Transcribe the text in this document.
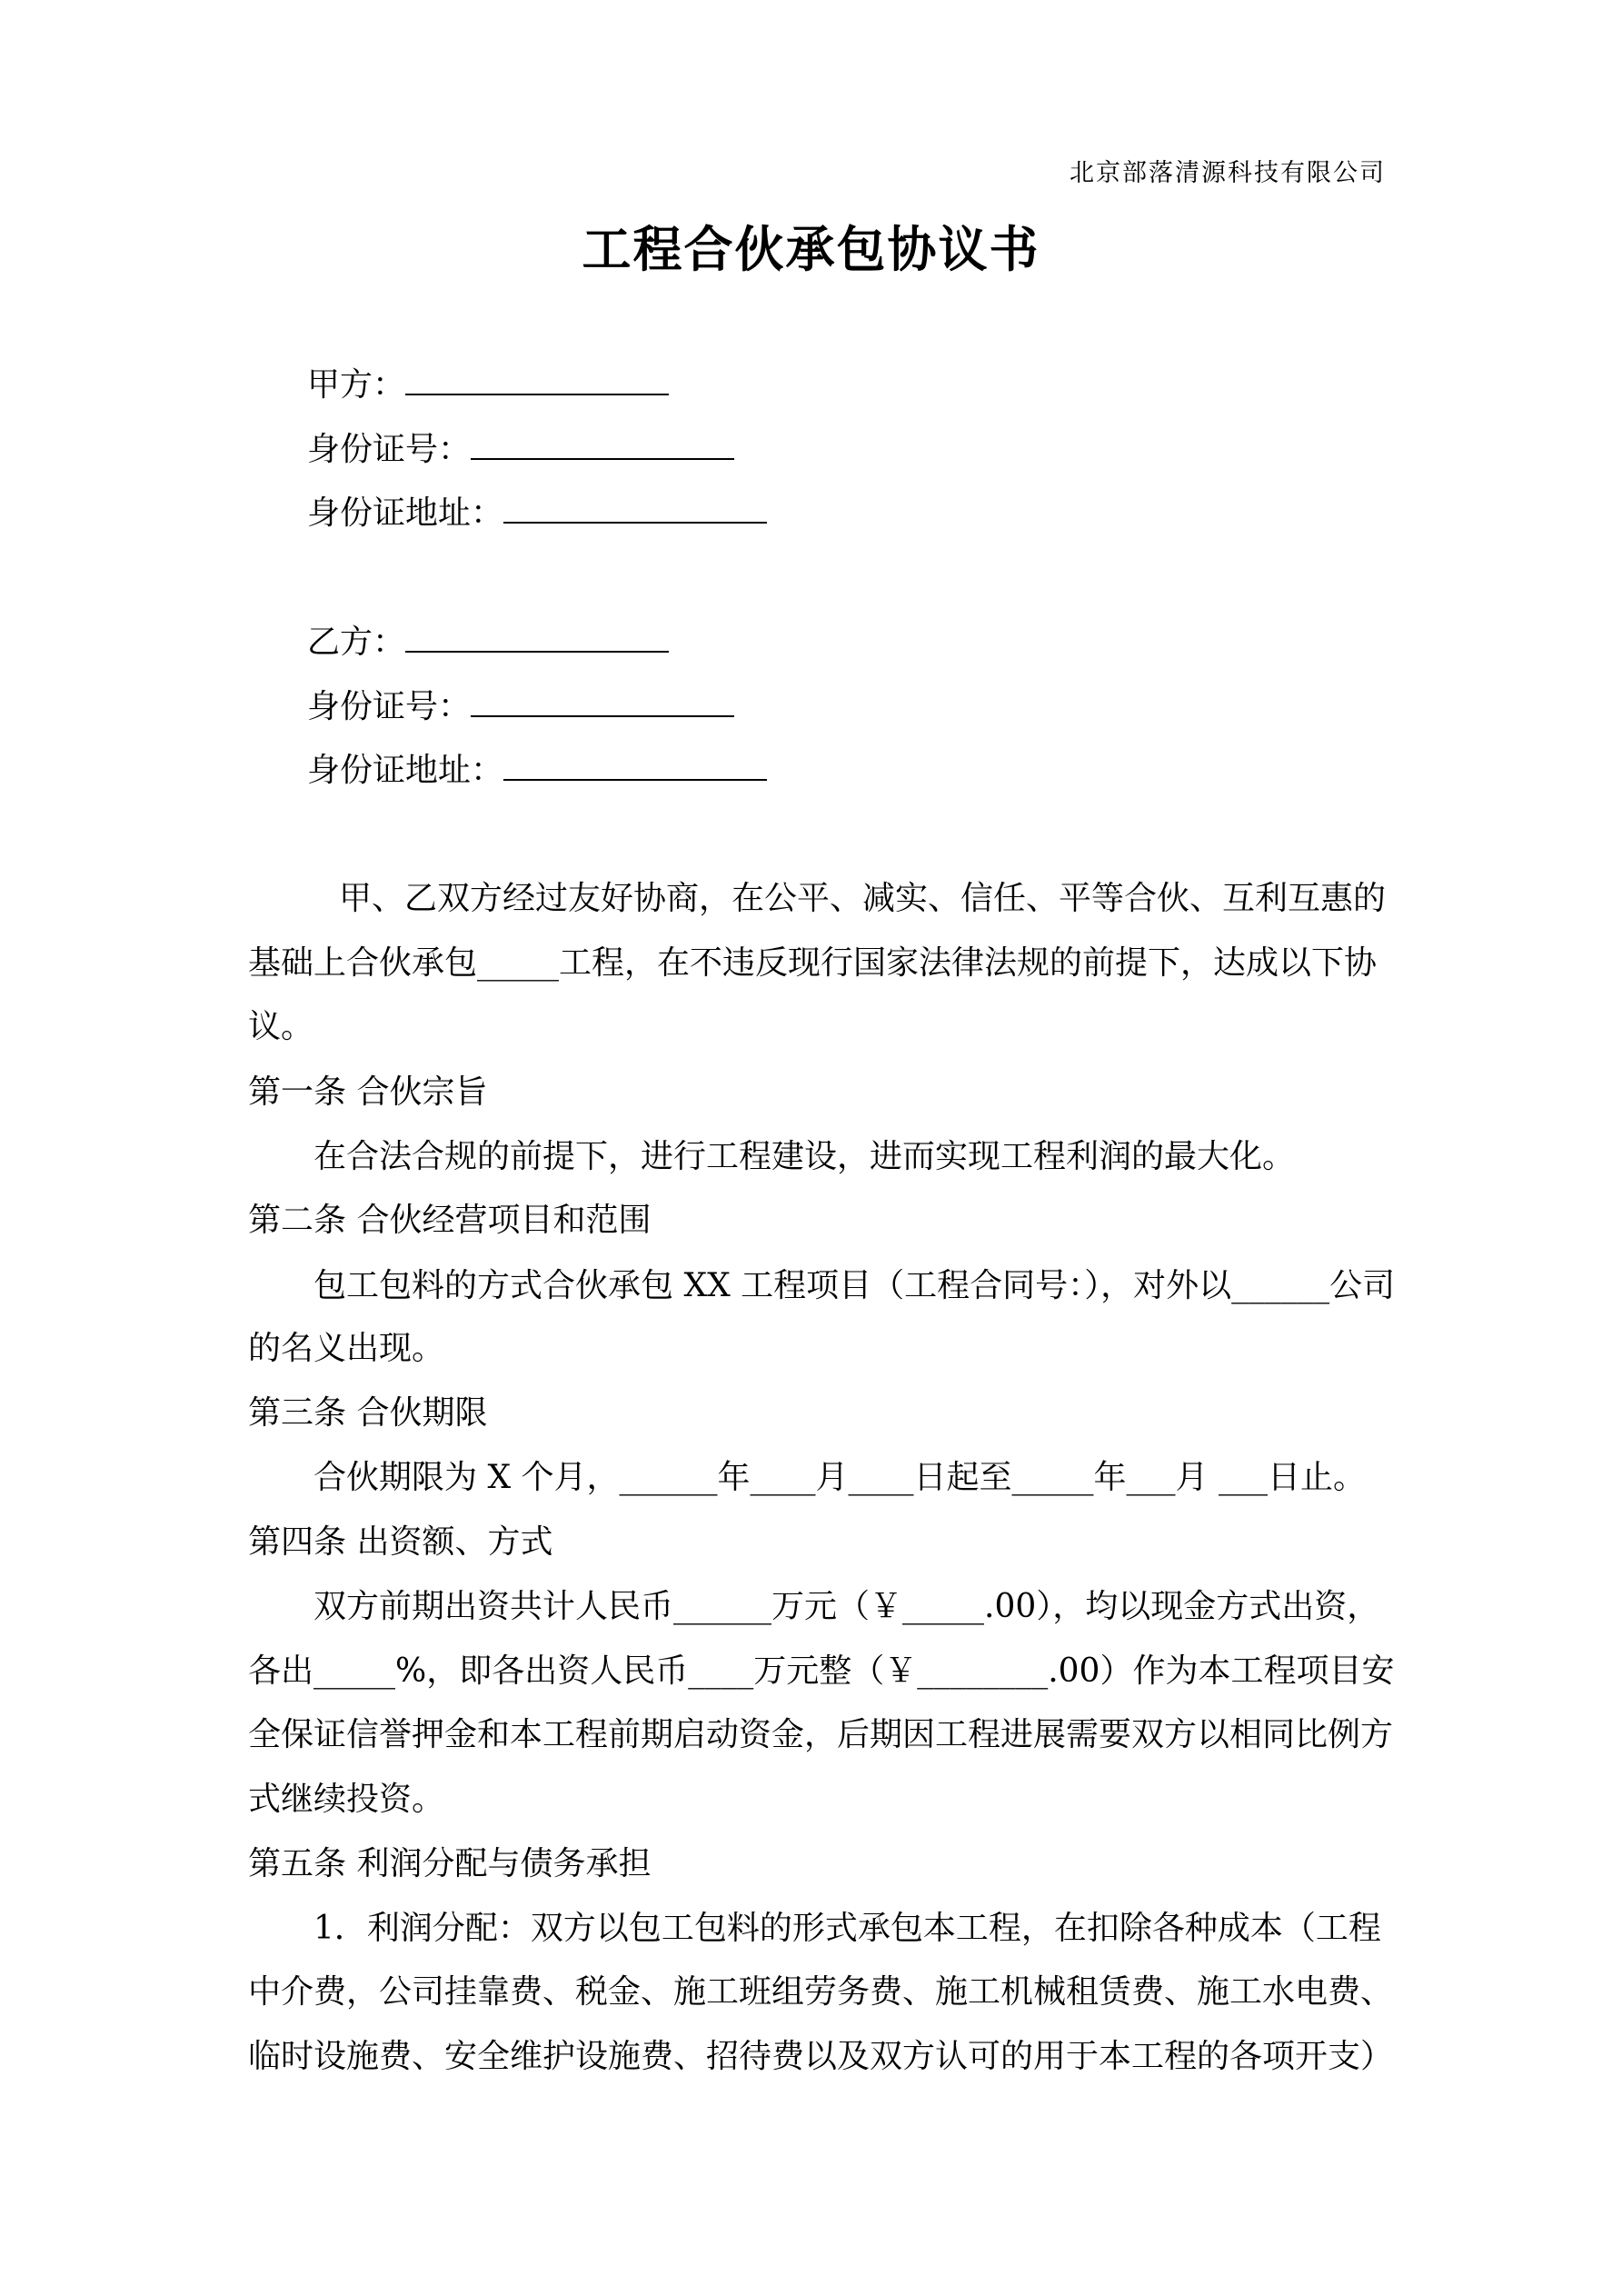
北京部落清源科技有限公司
工程合伙承包协议书
甲方：
身份证号：
身份证地址：
乙方：
身份证号：
身份证地址：
甲、乙双方经过友好协商，在公平、减实、信任、平等合伙、互利互惠的
基础上合伙承包_____工程，在不违反现行国家法律法规的前提下，达成以下协
议。
第一条 合伙宗旨
在合法合规的前提下，进行工程建设，进而实现工程利润的最大化。
第二条 合伙经营项目和范围
包工包料的方式合伙承包 XX 工程项目（工程合同号：），对外以______公司
的名义出现。
第三条 合伙期限
合伙期限为 X 个月，______年____月____日起至_____年___月 ___日止。
第四条 出资额、方式
双方前期出资共计人民币______万元（￥_____.00），均以现金方式出资，
各出_____%，即各出资人民币____万元整（￥________.00）作为本工程项目安
全保证信誉押金和本工程前期启动资金，后期因工程进展需要双方以相同比例方
式继续投资。
第五条 利润分配与债务承担
1．利润分配：双方以包工包料的形式承包本工程，在扣除各种成本（工程
中介费，公司挂靠费、税金、施工班组劳务费、施工机械租赁费、施工水电费、
临时设施费、安全维护设施费、招待费以及双方认可的用于本工程的各项开支）
